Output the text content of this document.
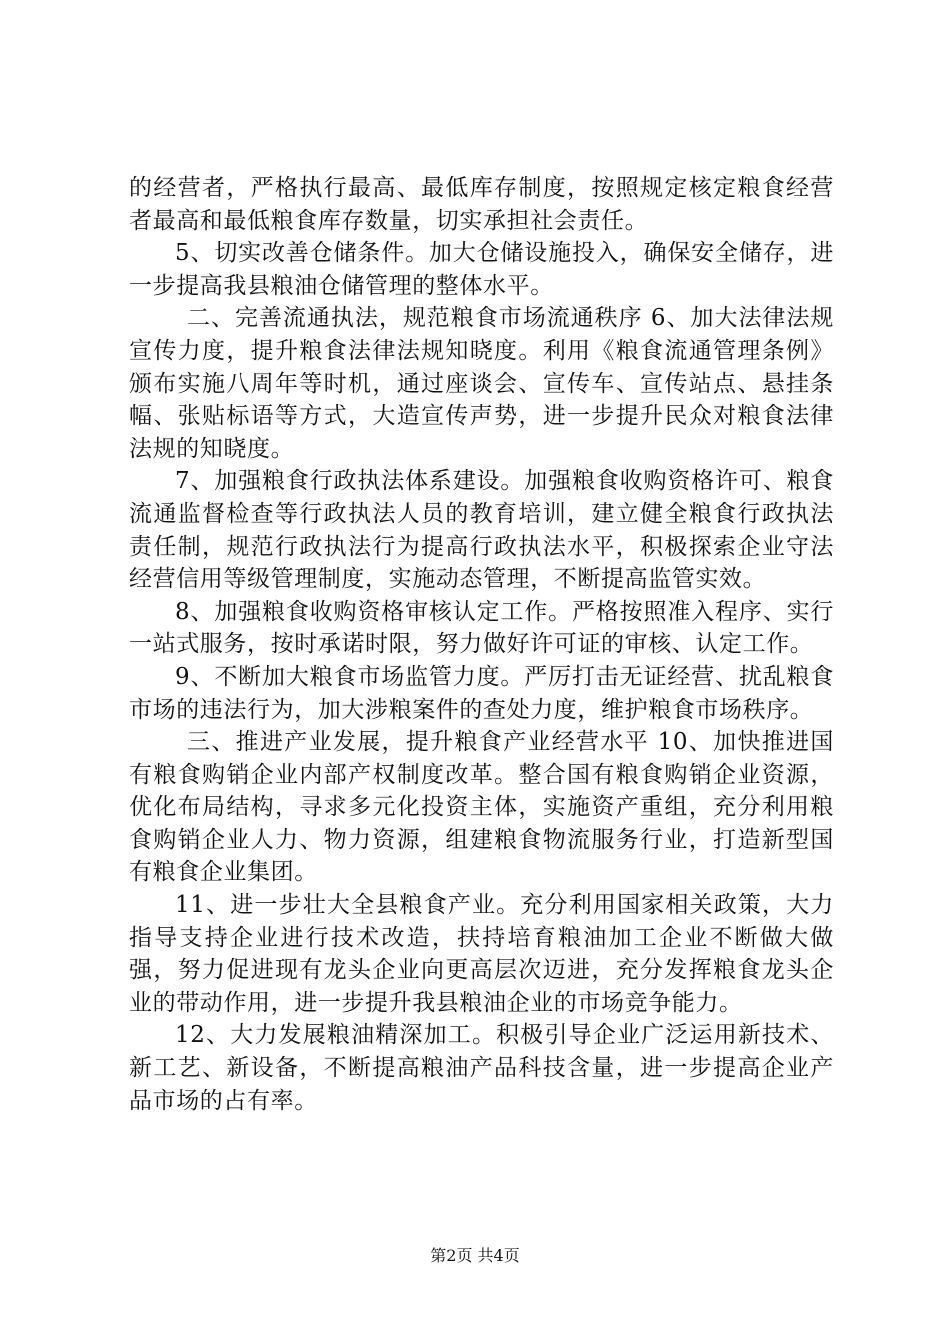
的经营者，严格执行最高、最低库存制度，按照规定核定粮食经营者最高和最低粮食库存数量，切实承担社会责任。

5、切实改善仓储条件。加大仓储设施投入，确保安全储存，进一步提高我县粮油仓储管理的整体水平。

二、完善流通执法，规范粮食市场流通秩序 6、加大法律法规宣传力度，提升粮食法律法规知晓度。利用《粮食流通管理条例》颁布实施八周年等时机，通过座谈会、宣传车、宣传站点、悬挂条幅、张贴标语等方式，大造宣传声势，进一步提升民众对粮食法律法规的知晓度。

7、加强粮食行政执法体系建设。加强粮食收购资格许可、粮食流通监督检查等行政执法人员的教育培训，建立健全粮食行政执法责任制，规范行政执法行为提高行政执法水平，积极探索企业守法经营信用等级管理制度，实施动态管理，不断提高监管实效。

8、加强粮食收购资格审核认定工作。严格按照准入程序、实行一站式服务，按时承诺时限，努力做好许可证的审核、认定工作。

9、不断加大粮食市场监管力度。严厉打击无证经营、扰乱粮食市场的违法行为，加大涉粮案件的查处力度，维护粮食市场秩序。

三、推进产业发展，提升粮食产业经营水平 10、加快推进国有粮食购销企业内部产权制度改革。整合国有粮食购销企业资源，优化布局结构，寻求多元化投资主体，实施资产重组，充分利用粮食购销企业人力、物力资源，组建粮食物流服务行业，打造新型国有粮食企业集团。

11、进一步壮大全县粮食产业。充分利用国家相关政策，大力指导支持企业进行技术改造，扶持培育粮油加工企业不断做大做强，努力促进现有龙头企业向更高层次迈进，充分发挥粮食龙头企业的带动作用，进一步提升我县粮油企业的市场竞争能力。

12、大力发展粮油精深加工。积极引导企业广泛运用新技术、新工艺、新设备，不断提高粮油产品科技含量，进一步提高企业产品市场的占有率。

第2页 共4页
